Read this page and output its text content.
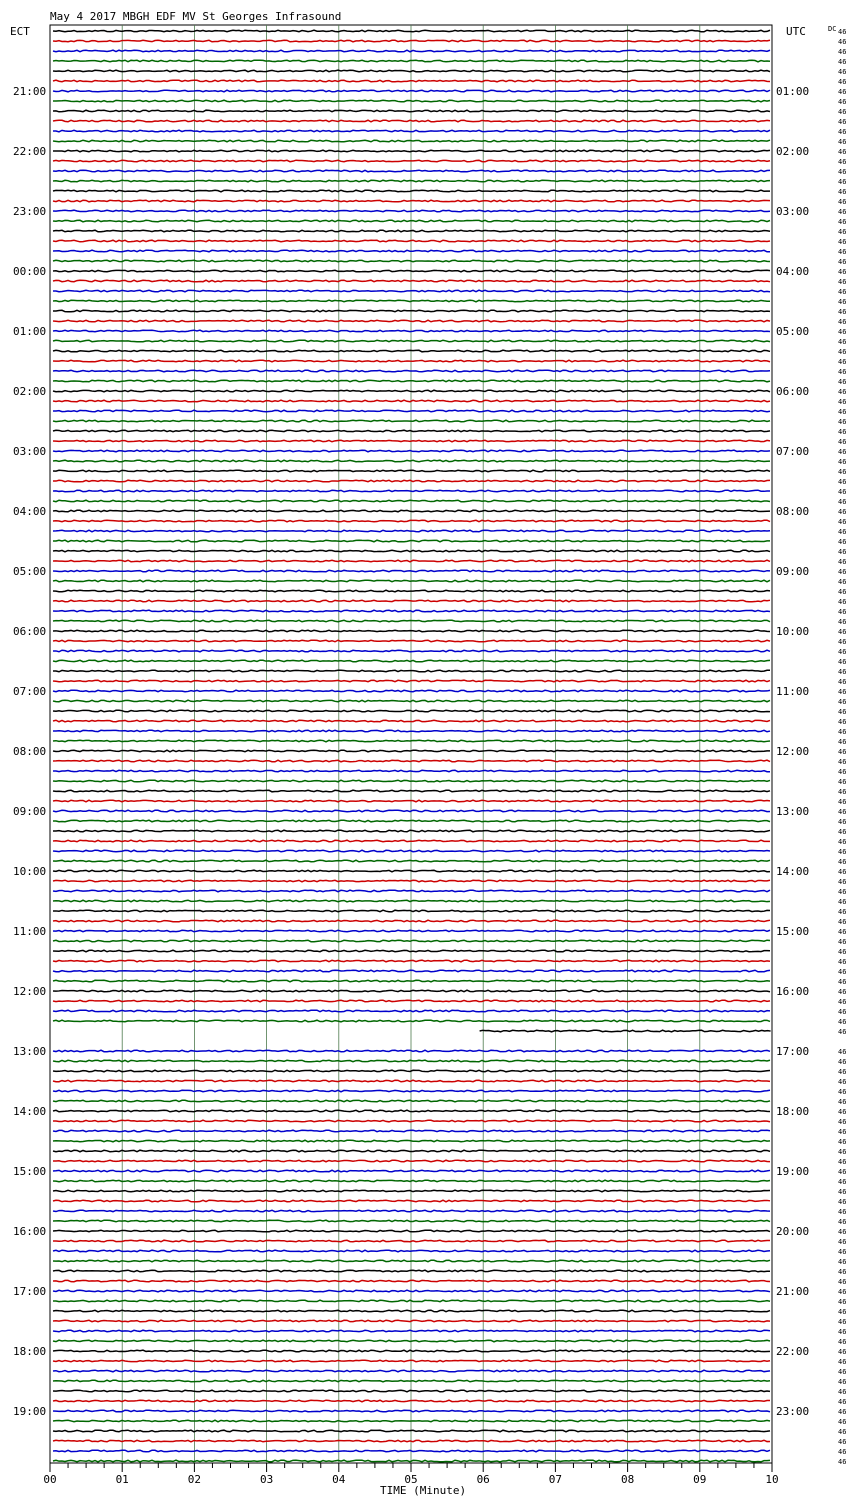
May 4 2017 MBGH EDF MV St Georges Infrasound
ECT	UTC	DC 46
46
46
46
46
46
46
46
46
46
46
46
46
46
46
46
46
46
46
46
46
46
46
46
46
46
46
46
46
46
46
46
46
46
46
46
46
46
46
46
46
46
46
46
46
46
46
46
46
46
46
46
46
46
46
46
46
46
46
46
46
46
46
46
46
46
46
46
46
46
46
46
46
46
46
46
46
46
46
46
46
46
46
46
46
46
46
46
46
46
46
46
46
46
46
46
46
46
46
46
46
46
46
46
46
46
46
46
46
46
46
46
46
46
46
46
46
46
46
46
46
46
46
46
46
46
46
46
46
46
46
46
46
46
46
46
46
46
46
46
46
46
46
21:00	01:00
22:00	02:00
23:00	03:00
00:00	04:00
01:00	05:00
02:00	06:00
03:00	07:00
04:00	08:00
05:00	09:00
06:00	10:00
07:00	11:00
08:00	12:00
09:00	13:00
10:00	14:00
11:00	15:00
12:00	16:00
13:00	17:00
14:00	18:00
15:00	19:00
16:00	20:00
17:00	21:00
18:00	22:00
19:00	23:00
00	01	02	03	04	05	06	07	08	09	10
TIME (Minute)
